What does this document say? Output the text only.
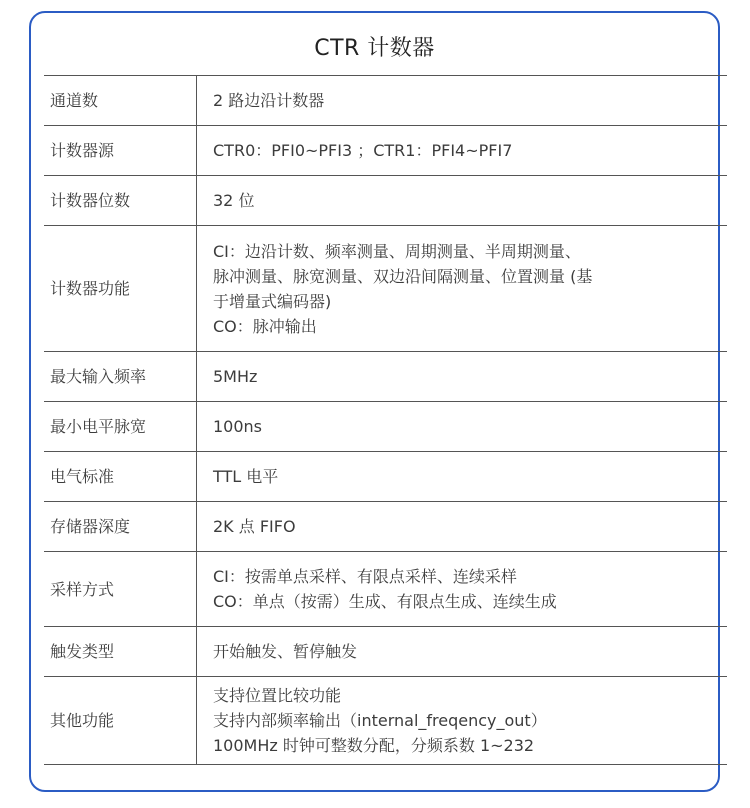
CTR 计数器
通道数	2 路边沿计数器

计数器源	CTR0：PFI0~PFI3 ；CTR1：PFI4~PFI7

计数器位数	32 位

计数器功能	CI：边沿计数、频率测量、周期测量、半周期测量、
脉冲测量、脉宽测量、双边沿间隔测量、位置测量 (基
于增量式编码器)
CO：脉冲输出

最大输入频率	5MHz

最小电平脉宽	100ns

电气标准	TTL 电平

存储器深度	2K 点 FIFO

采样方式	CI：按需单点采样、有限点采样、连续采样
CO：单点（按需）生成、有限点生成、连续生成

触发类型	开始触发、暂停触发

其他功能	支持位置比较功能
支持内部频率输出（internal_freqency_out）
100MHz 时钟可整数分配，分频系数 1~232
